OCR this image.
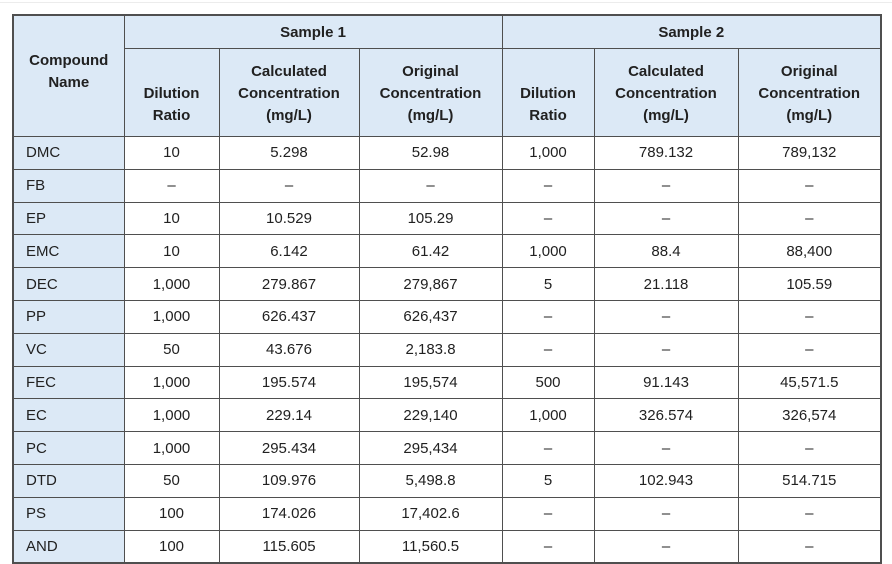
Compound Name	Sample 1			Sample 2		
	Dilution Ratio	Calculated Concentration (mg/L)	Original Concentration (mg/L)	Dilution Ratio	Calculated Concentration (mg/L)	Original Concentration (mg/L)
DMC	10	5.298	52.98	1,000	789.132	789,132
FB	–	–	–	–	–	–
EP	10	10.529	105.29	–	–	–
EMC	10	6.142	61.42	1,000	88.4	88,400
DEC	1,000	279.867	279,867	5	21.118	105.59
PP	1,000	626.437	626,437	–	–	–
VC	50	43.676	2,183.8	–	–	–
FEC	1,000	195.574	195,574	500	91.143	45,571.5
EC	1,000	229.14	229,140	1,000	326.574	326,574
PC	1,000	295.434	295,434	–	–	–
DTD	50	109.976	5,498.8	5	102.943	514.715
PS	100	174.026	17,402.6	–	–	–
AND	100	115.605	11,560.5	–	–	–
